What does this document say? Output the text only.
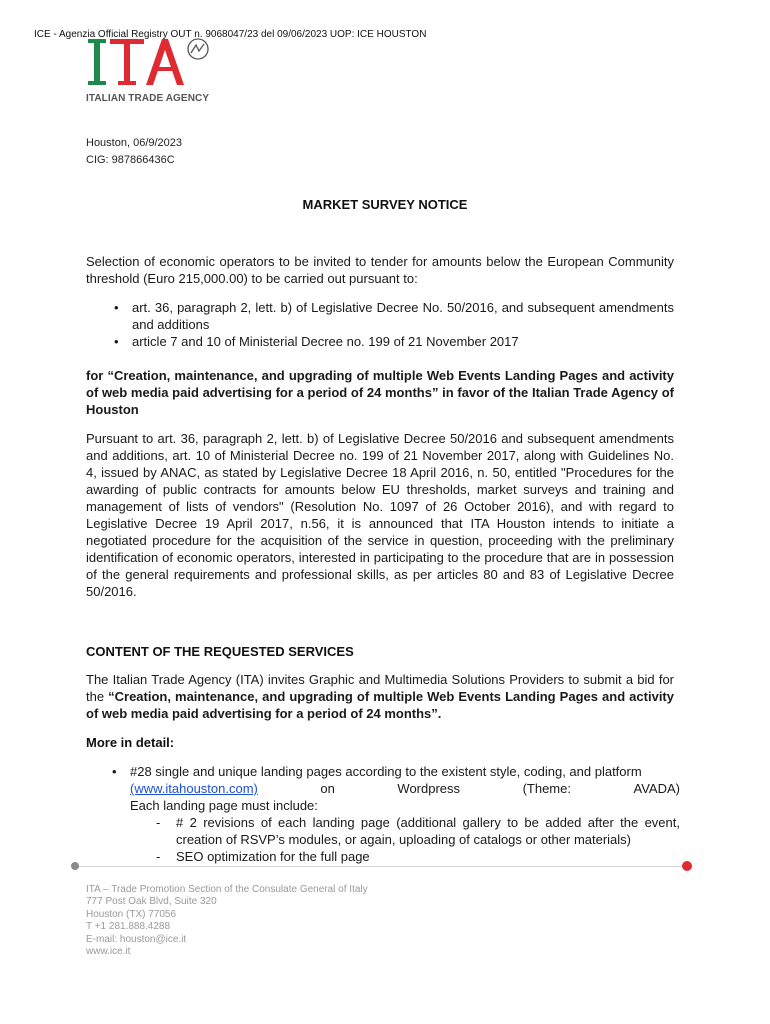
ICE - Agenzia Official Registry OUT n. 9068047/23 del 09/06/2023 UOP: ICE HOUSTON
ITALIAN TRADE AGENCY
Houston, 06/9/2023
CIG: 987866436C
MARKET SURVEY NOTICE
Selection of economic operators to be invited to tender for amounts below the European Community threshold (Euro 215,000.00) to be carried out pursuant to:
• art. 36, paragraph 2, lett. b) of Legislative Decree No. 50/2016, and subsequent amendments and additions
• article 7 and 10 of Ministerial Decree no. 199 of 21 November 2017
for “Creation, maintenance, and upgrading of multiple Web Events Landing Pages and activity of web media paid advertising for a period of 24 months” in favor of the Italian Trade Agency of Houston
Pursuant to art. 36, paragraph 2, lett. b) of Legislative Decree 50/2016 and subsequent amendments and additions, art. 10 of Ministerial Decree no. 199 of 21 November 2017, along with Guidelines No. 4, issued by ANAC, as stated by Legislative Decree 18 April 2016, n. 50, entitled "Procedures for the awarding of public contracts for amounts below EU thresholds, market surveys and training and management of lists of vendors" (Resolution No. 1097 of 26 October 2016), and with regard to Legislative Decree 19 April 2017, n.56, it is announced that ITA Houston intends to initiate a negotiated procedure for the acquisition of the service in question, proceeding with the preliminary identification of economic operators, interested in participating to the procedure that are in possession of the general requirements and professional skills, as per articles 80 and 83 of Legislative Decree 50/2016.
CONTENT OF THE REQUESTED SERVICES
The Italian Trade Agency (ITA) invites Graphic and Multimedia Solutions Providers to submit a bid for the “Creation, maintenance, and upgrading of multiple Web Events Landing Pages and activity of web media paid advertising for a period of 24 months”.
More in detail:
• #28 single and unique landing pages according to the existent style, coding, and platform
(www.itahouston.com)	on	Wordpress	(Theme:	AVADA)
Each landing page must include:
- # 2 revisions of each landing page (additional gallery to be added after the event, creation of RSVP’s modules, or again, uploading of catalogs or other materials)
- SEO optimization for the full page
ITA – Trade Promotion Section of the Consulate General of Italy
777 Post Oak Blvd, Suite 320
Houston (TX) 77056
T +1 281.888.4288
E-mail: houston@ice.it
www.ice.it
